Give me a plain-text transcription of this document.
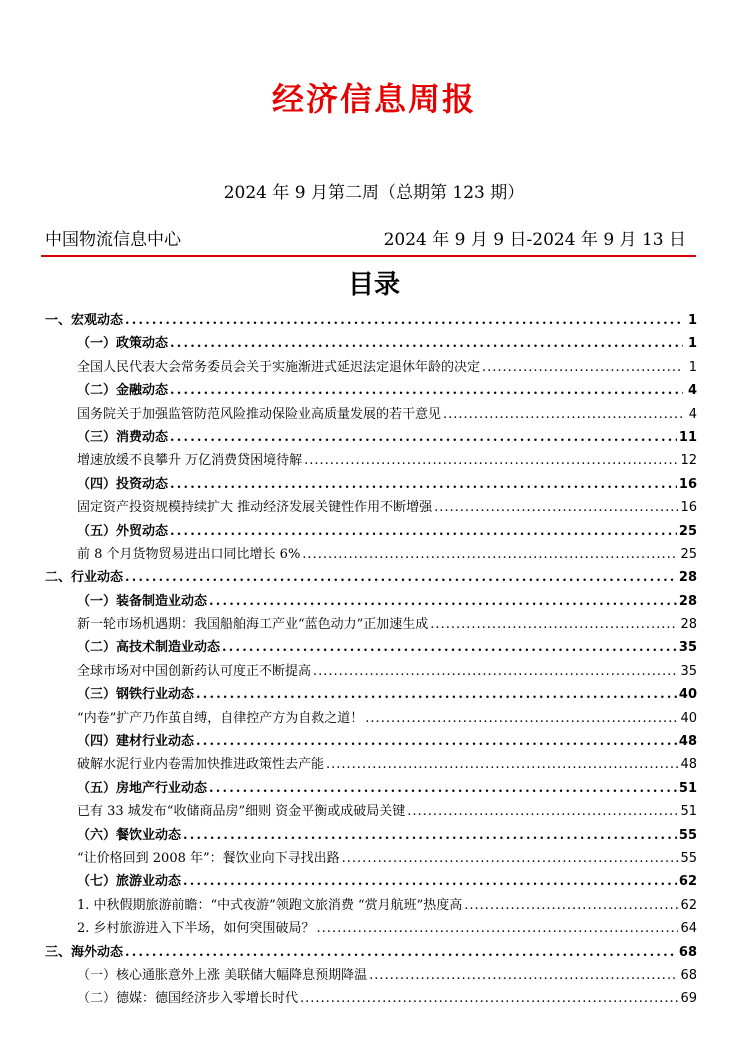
经济信息周报
2024 年 9 月第二周（总期第 123 期）
中国物流信息中心	2024 年 9 月 9 日-2024 年 9 月 13 日
目录
一、宏观动态 .....	1
（一）政策动态 .....	1
全国人民代表大会常务委员会关于实施渐进式延迟法定退休年龄的决定 .....	1
（二）金融动态 .....	4
国务院关于加强监管防范风险推动保险业高质量发展的若干意见 .....	4
（三）消费动态 .....	11
增速放缓不良攀升 万亿消费贷困境待解 .....	12
（四）投资动态 .....	16
固定资产投资规模持续扩大 推动经济发展关键性作用不断增强 .....	16
（五）外贸动态 .....	25
前 8 个月货物贸易进出口同比增长 6% .....	25
二、行业动态 .....	28
（一）装备制造业动态 .....	28
新一轮市场机遇期：我国船舶海工产业“蓝色动力”正加速生成 .....	28
（二）高技术制造业动态 .....	35
全球市场对中国创新药认可度正不断提高 .....	35
（三）钢铁行业动态 .....	40
“内卷”扩产乃作茧自缚，自律控产方为自救之道！ .....	40
（四）建材行业动态 .....	48
破解水泥行业内卷需加快推进政策性去产能 .....	48
（五）房地产行业动态 .....	51
已有 33 城发布“收储商品房”细则 资金平衡或成破局关键 .....	51
（六）餐饮业动态 .....	55
“让价格回到 2008 年”：餐饮业向下寻找出路 .....	55
（七）旅游业动态 .....	62
1. 中秋假期旅游前瞻：“中式夜游”领跑文旅消费 “赏月航班”热度高 .....	62
2. 乡村旅游进入下半场，如何突围破局？ .....	64
三、海外动态 .....	68
（一）核心通胀意外上涨 美联储大幅降息预期降温 .....	68
（二）德媒：德国经济步入零增长时代 .....	69
